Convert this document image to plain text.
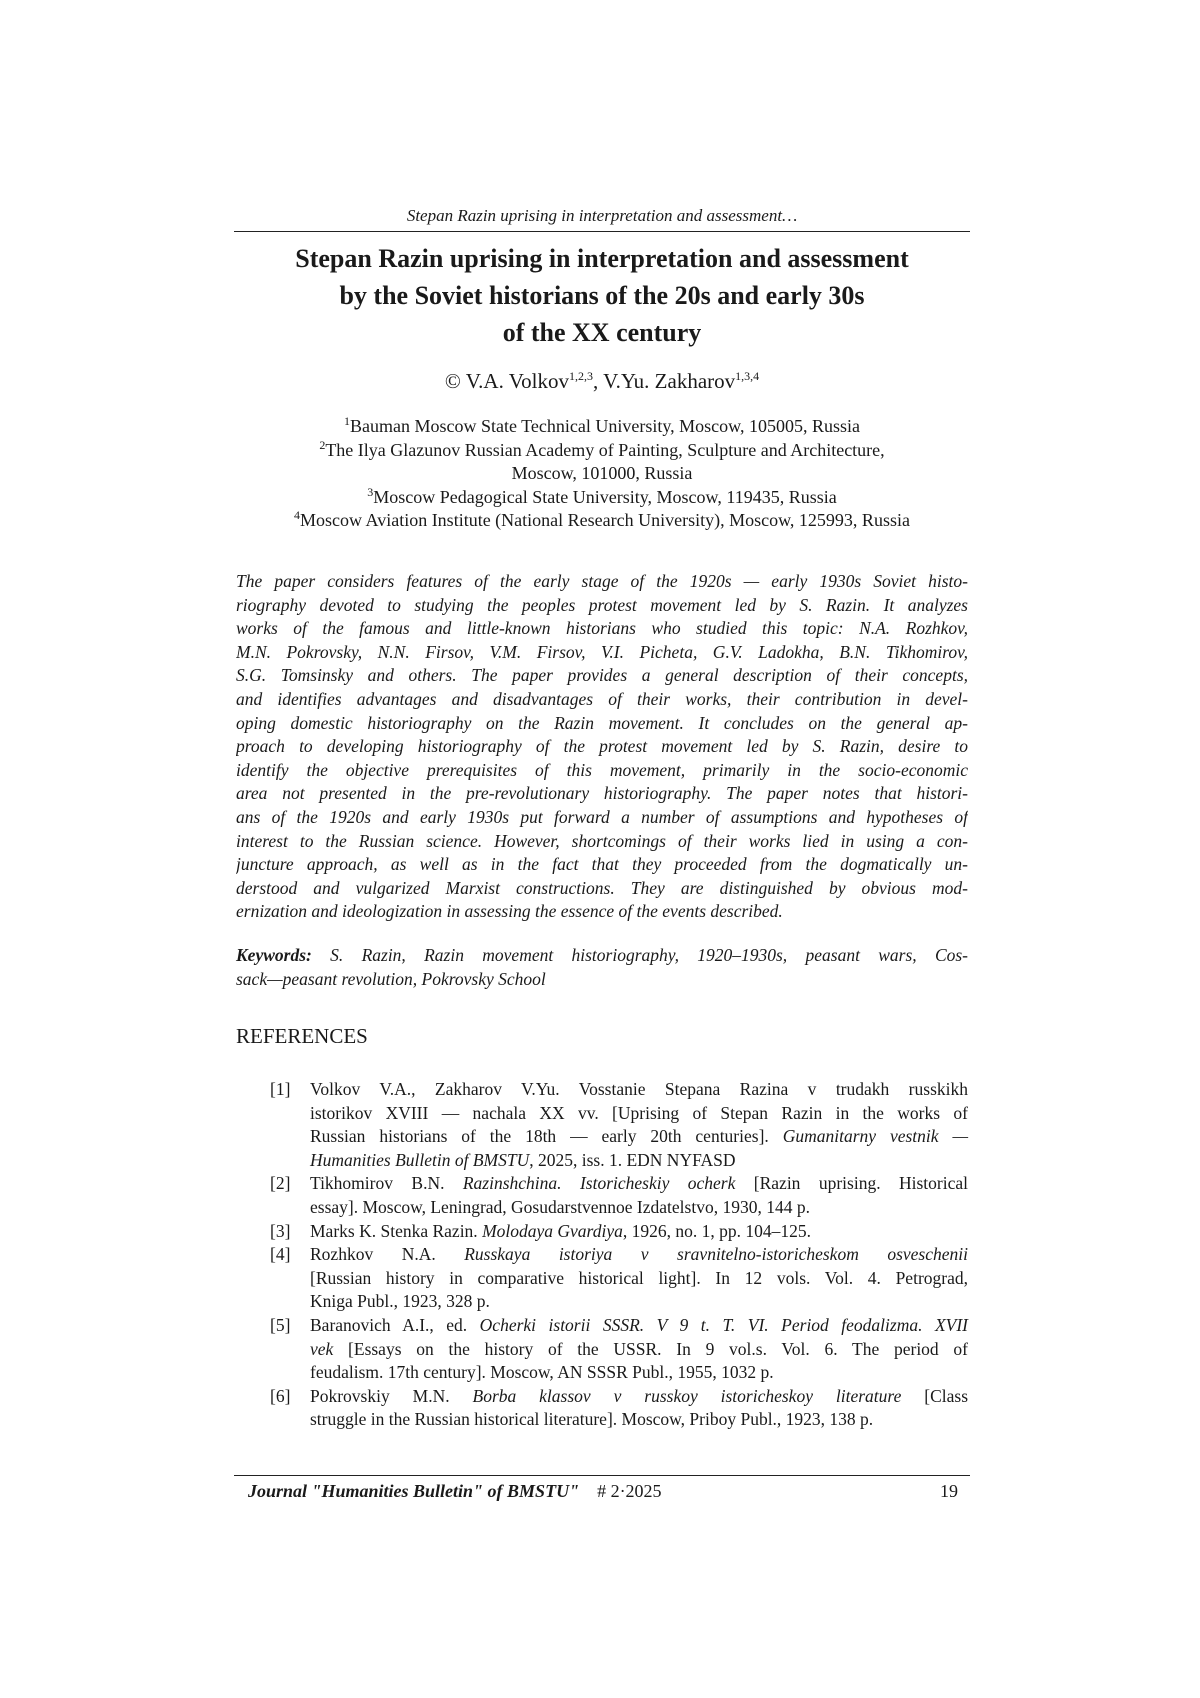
Stepan Razin uprising in interpretation and assessment…
Stepan Razin uprising in interpretation and assessment
by the Soviet historians of the 20s and early 30s
of the XX century
© V.A. Volkov$^{1,2,3}$, V.Yu. Zakharov$^{1,3,4}$
$^1$Bauman Moscow State Technical University, Moscow, 105005, Russia
$^2$The Ilya Glazunov Russian Academy of Painting, Sculpture and Architecture,
Moscow, 101000, Russia
$^3$Moscow Pedagogical State University, Moscow, 119435, Russia
$^4$Moscow Aviation Institute (National Research University), Moscow, 125993, Russia
The paper considers features of the early stage of the 1920s — early 1930s Soviet histo-
riography devoted to studying the peoples protest movement led by S. Razin. It analyzes
works of the famous and little-known historians who studied this topic: N.A. Rozhkov,
M.N. Pokrovsky, N.N. Firsov, V.M. Firsov, V.I. Picheta, G.V. Ladokha, B.N. Tikhomirov,
S.G. Tomsinsky and others. The paper provides a general description of their concepts,
and identifies advantages and disadvantages of their works, their contribution in devel-
oping domestic historiography on the Razin movement. It concludes on the general ap-
proach to developing historiography of the protest movement led by S. Razin, desire to
identify the objective prerequisites of this movement, primarily in the socio-economic
area not presented in the pre-revolutionary historiography. The paper notes that histori-
ans of the 1920s and early 1930s put forward a number of assumptions and hypotheses of
interest to the Russian science. However, shortcomings of their works lied in using a con-
juncture approach, as well as in the fact that they proceeded from the dogmatically un-
derstood and vulgarized Marxist constructions. They are distinguished by obvious mod-
ernization and ideologization in assessing the essence of the events described.
Keywords: S. Razin, Razin movement historiography, 1920–1930s, peasant wars, Cos-
sack—peasant revolution, Pokrovsky School
REFERENCES
[1] Volkov V.A., Zakharov V.Yu. Vosstanie Stepana Razina v trudakh russkikh
istorikov XVIII — nachala XX vv. [Uprising of Stepan Razin in the works of
Russian historians of the 18th — early 20th centuries]. Gumanitarny vestnik —
Humanities Bulletin of BMSTU, 2025, iss. 1. EDN NYFASD
[2] Tikhomirov B.N. Razinshchina. Istoricheskiy ocherk [Razin uprising. Historical
essay]. Moscow, Leningrad, Gosudarstvennoe Izdatelstvo, 1930, 144 p.
[3] Marks K. Stenka Razin. Molodaya Gvardiya, 1926, no. 1, pp. 104–125.
[4] Rozhkov N.A. Russkaya istoriya v sravnitelno-istoricheskom osveschenii
[Russian history in comparative historical light]. In 12 vols. Vol. 4. Petrograd,
Kniga Publ., 1923, 328 p.
[5] Baranovich A.I., ed. Ocherki istorii SSSR. V 9 t. T. VI. Period feodalizma. XVII
vek [Essays on the history of the USSR. In 9 vol.s. Vol. 6. The period of
feudalism. 17th century]. Moscow, AN SSSR Publ., 1955, 1032 p.
[6] Pokrovskiy M.N. Borba klassov v russkoy istoricheskoy literature [Class
struggle in the Russian historical literature]. Moscow, Priboy Publ., 1923, 138 p.
Journal "Humanities Bulletin" of BMSTU" # 2·2025	19
